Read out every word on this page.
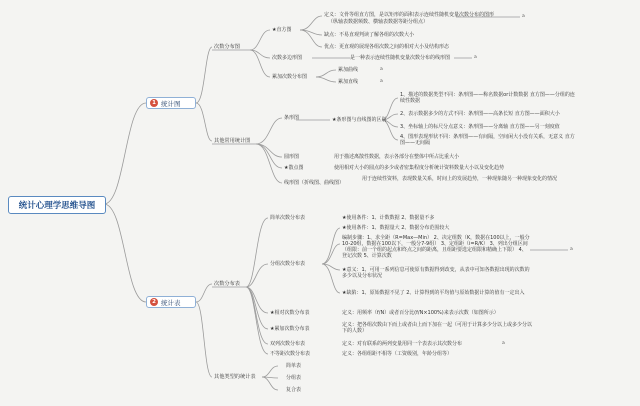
统计心理学思维导图
1 统计图
2 统计表
次数分布图
★直方图
定义：文骨等组直方图，是以矩形的面积表示连续性随机变量次数分布的图形
（纵轴表数据频数、横轴表数据等距分组点）
a
缺点：不易直观判读了解各组的次数大小
优点：更直观的展现各组次数之间的相对大小及结构形态
次数多边形图	是一种表示连续性随机变量次数分布的线形图	a
累加次数分布图
累加曲线	a
累加直线	a
其他常用统计图
条形图	★条形图与直线图的区别
1、描述的数据类型不同：条形图——称名数据or计数数据 直方图——分组的连续性数据
2、表示数据多少的方式不同：条形图——高条长短 直方图——面积大小
3、坐标轴上的标尺分点意义：条形图——分离轴 直方图——另一刻度值
4、图形表现形状不同：条形图——有间隔，空间闲大小没有关系，无意义 直方图——无间隔
圆形图	用于描述离散性数据，表示各部分在整体中所占比重大小
★散点图	使用相对大小的圆点的多少或者密集程度分析统计资料数量大小以及变化趋势
线形图（折线图、曲线图）
用于连续性资料，表现数量关系，时间上的发展趋势，一种现象随另一种现象变化的情况
次数分布表
简单次数分布表	★使用条件：1、计数数据 2、数据量不多
分组次数分布表
★使用条件：1、数据量大 2、数据分布范围较大
编制步骤：1、求全距（R=Max—Min） 2、决定组数（K，数据在100以上，一般分10-20组，数据在100以下，一般分7-9组） 3、定组距（i=R/K） 3、列出分组区间（组限：前一个组的起点和终点之间的距离，且组距要选定组限和精确上下限） 4、登记次数 5、计算次数
a
★意义：1、可用一系列信息可使原有数据得到改变，从表中可知各数据出现的次数的多少以及分布状况
★缺陷：1、原始数据不见了 2、计算得到的平均值与原始数据计算的值有一定出入
★相对次数分布表	定义：用频率（f/N）或者百分比(f/N×100%)来表示次数（如图所示）
★累加次数分布表
定义：把各组次数由下而上或者由上而下加在一起（可用于计算多少分以上或多少分以下的人数）
双列次数分布表	定义：对有联系的两列变量用同一个表表示其次数分布	a
不等距次数分布表	定义：各组组距不相等（工资级别，年龄分组等）
其他类型的统计表
简单表
分组表
复合表
